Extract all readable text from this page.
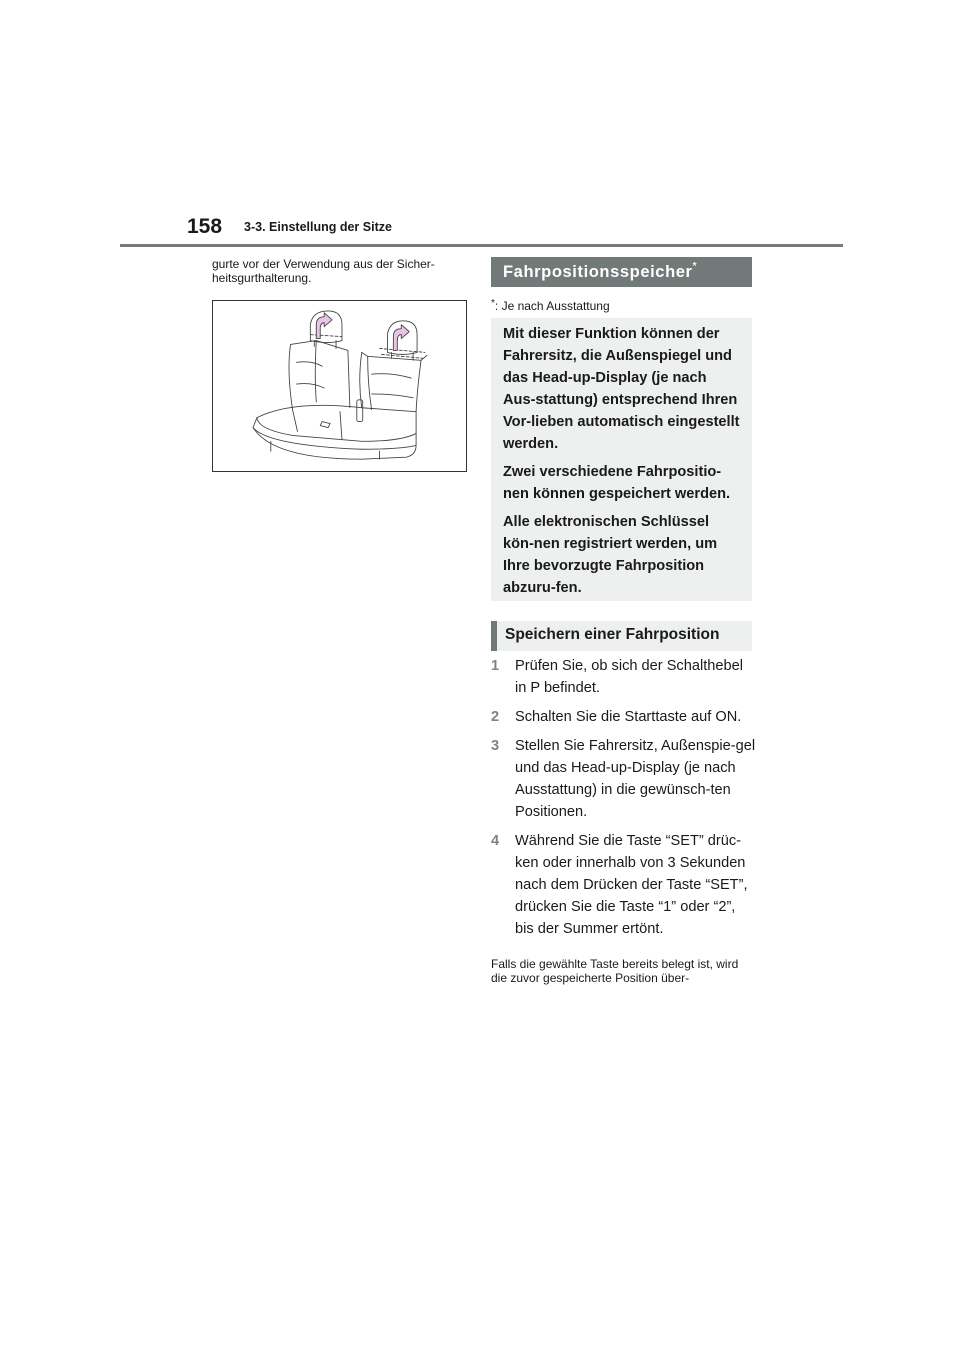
158 3-3. Einstellung der Sitze

gurte vor der Verwendung aus der Sicher-heitsgurthalterung.	Fahrpositionsspeicher*
*: Je nach Ausstattung

Mit dieser Funktion können der Fahrersitz, die Außenspiegel und das Head-up-Display (je nach Aus-stattung) entsprechend Ihren Vor-lieben automatisch eingestellt werden.

Zwei verschiedene Fahrpositio-nen können gespeichert werden.

Alle elektronischen Schlüssel kön-nen registriert werden, um Ihre bevorzugte Fahrposition abzuru-fen.

Speichern einer Fahrposition
1 Prüfen Sie, ob sich der Schalthebel in P befindet.
2 Schalten Sie die Starttaste auf ON.
3 Stellen Sie Fahrersitz, Außenspie-gel und das Head-up-Display (je nach Ausstattung) in die gewünsch-ten Positionen.
4 Während Sie die Taste “SET” drüc-ken oder innerhalb von 3 Sekunden nach dem Drücken der Taste “SET”, drücken Sie die Taste “1” oder “2”, bis der Summer ertönt.

Falls die gewählte Taste bereits belegt ist, wird die zuvor gespeicherte Position über-
